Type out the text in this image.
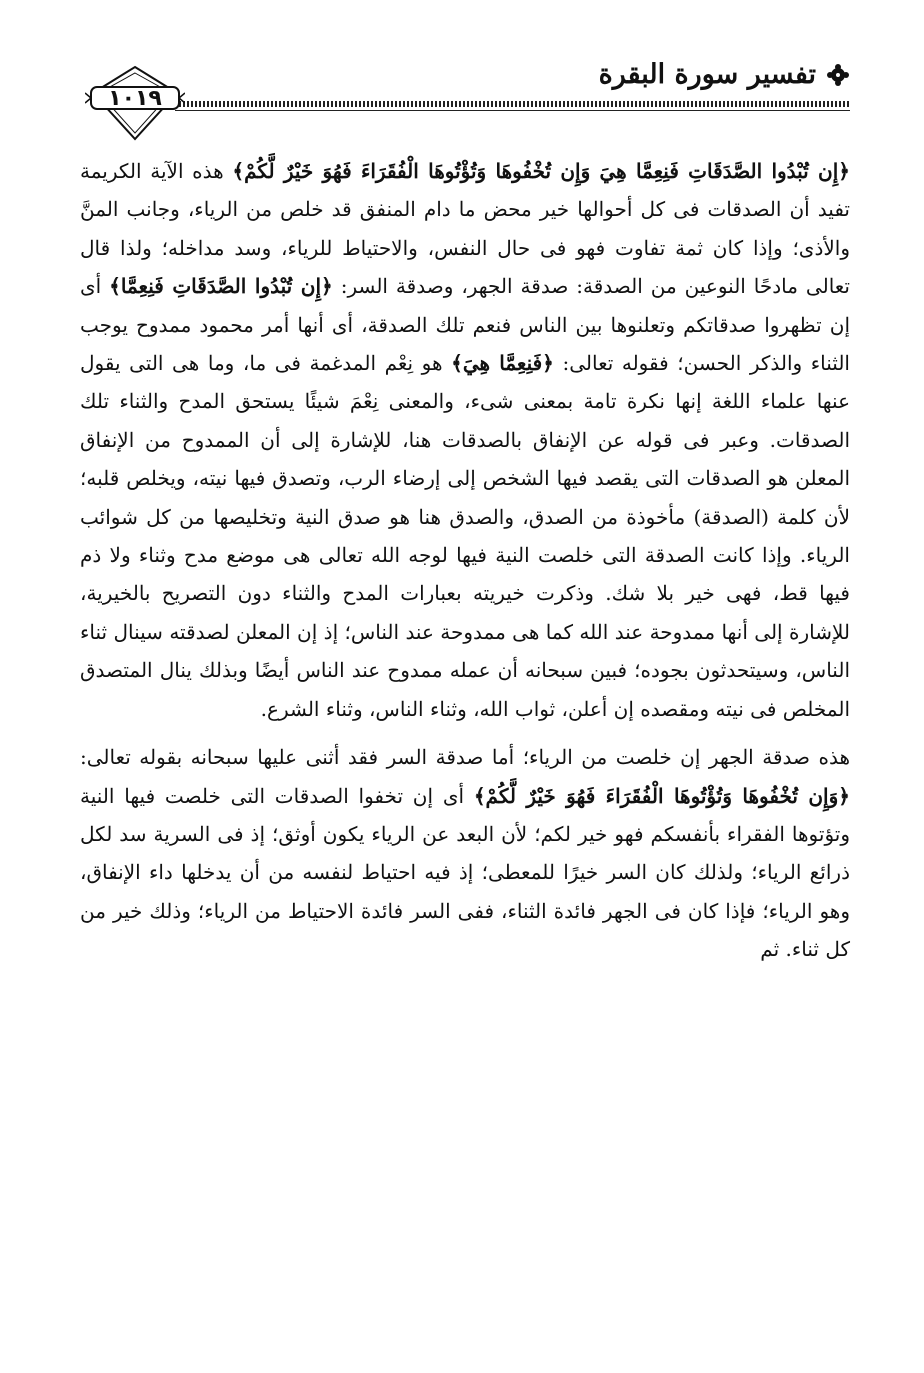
تفسير سورة البقرة
١٠١٩

﴿إِن تُبْدُوا الصَّدَقَاتِ فَنِعِمَّا هِيَ وَإِن تُخْفُوهَا وَتُؤْتُوهَا الْفُقَرَاءَ فَهُوَ خَيْرٌ لَّكُمْ﴾ هذه الآية الكريمة تفيد أن الصدقات فى كل أحوالها خير محض ما دام المنفق قد خلص من الرياء، وجانب المنَّ والأذى؛ وإذا كان ثمة تفاوت فهو فى حال النفس، والاحتياط للرياء، وسد مداخله؛ ولذا قال تعالى مادحًا النوعين من الصدقة: صدقة الجهر، وصدقة السر: ﴿إِن تُبْدُوا الصَّدَقَاتِ فَنِعِمَّا﴾ أى إن تظهروا صدقاتكم وتعلنوها بين الناس فنعم تلك الصدقة، أى أنها أمر محمود ممدوح يوجب الثناء والذكر الحسن؛ فقوله تعالى: ﴿فَنِعِمَّا هِيَ﴾ هو نِعْم المدغمة فى ما، وما هى التى يقول عنها علماء اللغة إنها نكرة تامة بمعنى شىء، والمعنى نِعْمَ شيئًا يستحق المدح والثناء تلك الصدقات. وعبر فى قوله عن الإنفاق بالصدقات هنا، للإشارة إلى أن الممدوح من الإنفاق المعلن هو الصدقات التى يقصد فيها الشخص إلى إرضاء الرب، وتصدق فيها نيته، ويخلص قلبه؛ لأن كلمة (الصدقة) مأخوذة من الصدق، والصدق هنا هو صدق النية وتخليصها من كل شوائب الرياء. وإذا كانت الصدقة التى خلصت النية فيها لوجه الله تعالى هى موضع مدح وثناء ولا ذم فيها قط، فهى خير بلا شك. وذكرت خيريته بعبارات المدح والثناء دون التصريح بالخيرية، للإشارة إلى أنها ممدوحة عند الله كما هى ممدوحة عند الناس؛ إذ إن المعلن لصدقته سينال ثناء الناس، وسيتحدثون بجوده؛ فبين سبحانه أن عمله ممدوح عند الناس أيضًا وبذلك ينال المتصدق المخلص فى نيته ومقصده إن أعلن، ثواب الله، وثناء الناس، وثناء الشرع.

هذه صدقة الجهر إن خلصت من الرياء؛ أما صدقة السر فقد أثنى عليها سبحانه بقوله تعالى: ﴿وَإِن تُخْفُوهَا وَتُؤْتُوهَا الْفُقَرَاءَ فَهُوَ خَيْرٌ لَّكُمْ﴾ أى إن تخفوا الصدقات التى خلصت فيها النية وتؤتوها الفقراء بأنفسكم فهو خير لكم؛ لأن البعد عن الرياء يكون أوثق؛ إذ فى السرية سد لكل ذرائع الرياء؛ ولذلك كان السر خيرًا للمعطى؛ إذ فيه احتياط لنفسه من أن يدخلها داء الإنفاق، وهو الرياء؛ فإذا كان فى الجهر فائدة الثناء، ففى السر فائدة الاحتياط من الرياء؛ وذلك خير من كل ثناء. ثم
